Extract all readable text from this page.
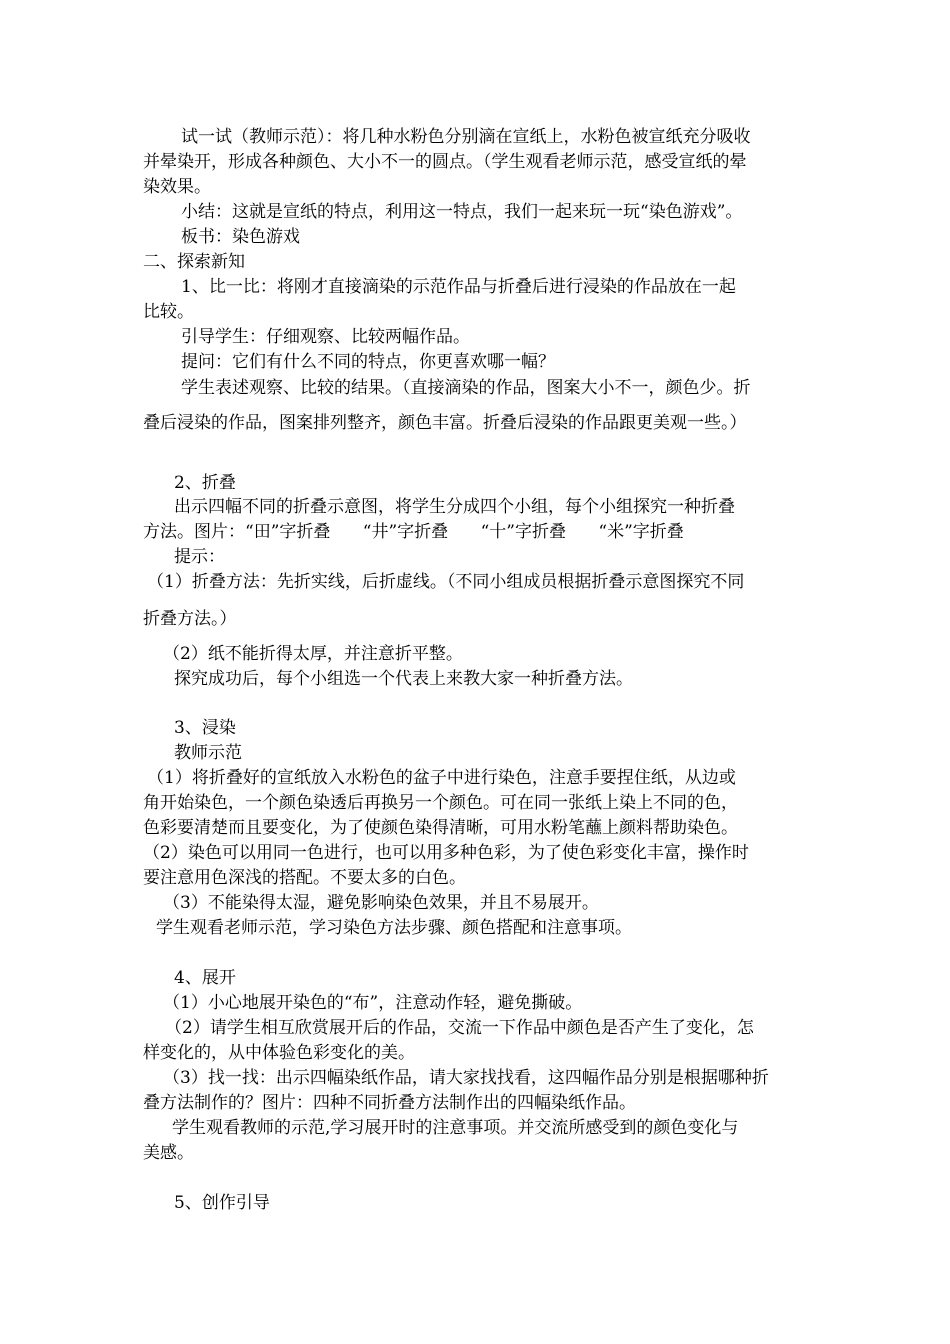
试一试（教师示范）：将几种水粉色分别滴在宣纸上，水粉色被宣纸充分吸收
并晕染开，形成各种颜色、大小不一的圆点。（学生观看老师示范，感受宣纸的晕
染效果。
小结：这就是宣纸的特点，利用这一特点，我们一起来玩一玩“染色游戏”。
板书：染色游戏
二、探索新知
1、比一比：将刚才直接滴染的示范作品与折叠后进行浸染的作品放在一起
比较。
引导学生：仔细观察、比较两幅作品。
提问：它们有什么不同的特点，你更喜欢哪一幅？
学生表述观察、比较的结果。（直接滴染的作品，图案大小不一，颜色少。折
叠后浸染的作品，图案排列整齐，颜色丰富。折叠后浸染的作品跟更美观一些。）
2、折叠
出示四幅不同的折叠示意图，将学生分成四个小组，每个小组探究一种折叠
方法。图片：“田”字折叠      “井”字折叠      “十”字折叠      “米”字折叠
提示：
（1）折叠方法：先折实线，后折虚线。（不同小组成员根据折叠示意图探究不同
折叠方法。）
（2）纸不能折得太厚，并注意折平整。
探究成功后，每个小组选一个代表上来教大家一种折叠方法。
3、浸染
教师示范
（1）将折叠好的宣纸放入水粉色的盆子中进行染色，注意手要捏住纸，从边或
角开始染色，一个颜色染透后再换另一个颜色。可在同一张纸上染上不同的色，
色彩要清楚而且要变化，为了使颜色染得清晰，可用水粉笔蘸上颜料帮助染色。
（2）染色可以用同一色进行，也可以用多种色彩，为了使色彩变化丰富，操作时
要注意用色深浅的搭配。不要太多的白色。
（3）不能染得太湿，避免影响染色效果，并且不易展开。
学生观看老师示范，学习染色方法步骤、颜色搭配和注意事项。
4、展开
（1）小心地展开染色的“布”，注意动作轻，避免撕破。
（2）请学生相互欣赏展开后的作品，交流一下作品中颜色是否产生了变化，怎
样变化的，从中体验色彩变化的美。
（3）找一找：出示四幅染纸作品，请大家找找看，这四幅作品分别是根据哪种折
叠方法制作的？图片：四种不同折叠方法制作出的四幅染纸作品。
学生观看教师的示范,学习展开时的注意事项。并交流所感受到的颜色变化与
美感。
5、创作引导
